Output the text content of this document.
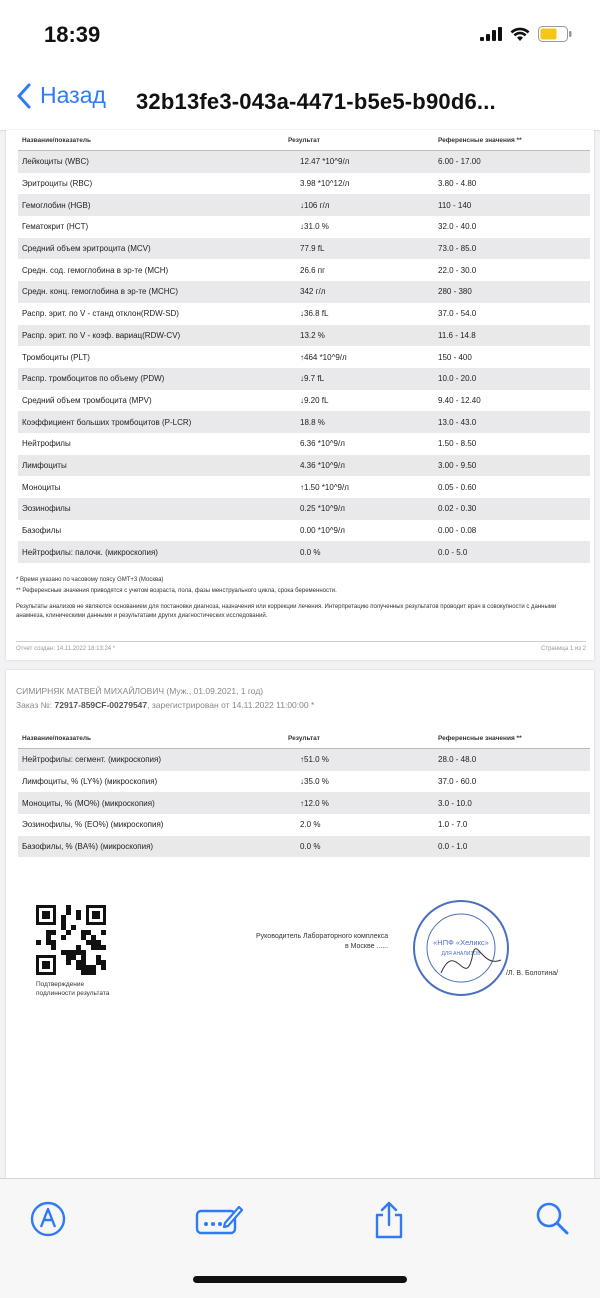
18:39
Назад 32b13fe3-043a-4471-b5e5-b90d6...
Название/показатель	Результат	Референсные значения **
Лейкоциты (WBC)	12.47 *10^9/л	6.00 - 17.00
Эритроциты (RBC)	3.98 *10^12/л	3.80 - 4.80
Гемоглобин (HGB)	↓106 г/л	110 - 140
Гематокрит (HCT)	↓31.0 %	32.0 - 40.0
Средний объем эритроцита (MCV)	77.9 fL	73.0 - 85.0
Средн. сод. гемоглобина в эр-те (MCH)	26.6 пг	22.0 - 30.0
Средн. конц. гемоглобина в эр-те (MCHC)	342 г/л	280 - 380
Распр. эрит. по V - станд отклон(RDW-SD)	↓36.8 fL	37.0 - 54.0
Распр. эрит. по V - коэф. вариац(RDW-CV)	13.2 %	11.6 - 14.8
Тромбоциты (PLT)	↑464 *10^9/л	150 - 400
Распр. тромбоцитов по объему (PDW)	↓9.7 fL	10.0 - 20.0
Средний объем тромбоцита (MPV)	↓9.20 fL	9.40 - 12.40
Коэффициент больших тромбоцитов (P-LCR)	18.8 %	13.0 - 43.0
Нейтрофилы	6.36 *10^9/л	1.50 - 8.50
Лимфоциты	4.36 *10^9/л	3.00 - 9.50
Моноциты	↑1.50 *10^9/л	0.05 - 0.60
Эозинофилы	0.25 *10^9/л	0.02 - 0.30
Базофилы	0.00 *10^9/л	0.00 - 0.08
Нейтрофилы: палочк. (микроскопия)	0.0 %	0.0 - 5.0

* Время указано по часовому поясу GMT+3 (Москва)

** Референсные значения приводятся с учетом возраста, пола, фазы менструального цикла, срока беременности.

Результаты анализов не являются основанием для постановки диагноза, назначения или коррекции лечения. Интерпретацию полученных результатов проводит врач в совокупности с данными анамнеза, клиническими данными и результатами других диагностических исследований.

Отчет создан: 14.11.2022 18:13:24 *	Страница 1 из 2
СИМИРНЯК МАТВЕЙ МИХАЙЛОВИЧ (Муж., 01.09.2021, 1 год)
Заказ №: 72917-859CF-00279547, зарегистрирован от 14.11.2022 11:00:00 *
Название/показатель	Результат	Референсные значения **
Нейтрофилы: сегмент. (микроскопия)	↑51.0 %	28.0 - 48.0
Лимфоциты, % (LY%) (микроскопия)	↓35.0 %	37.0 - 60.0
Моноциты, % (MO%) (микроскопия)	↑12.0 %	3.0 - 10.0
Эозинофилы, % (EO%) (микроскопия)	2.0 %	1.0 - 7.0
Базофилы, % (BA%) (микроскопия)	0.0 %	0.0 - 1.0
Подтверждение
подлинности результата
«НПФ «Хеликс»
ДЛЯ АНАЛИЗОВ
Руководитель Лабораторного комплекса
в Москве ......
/Л. В. Болотина/
